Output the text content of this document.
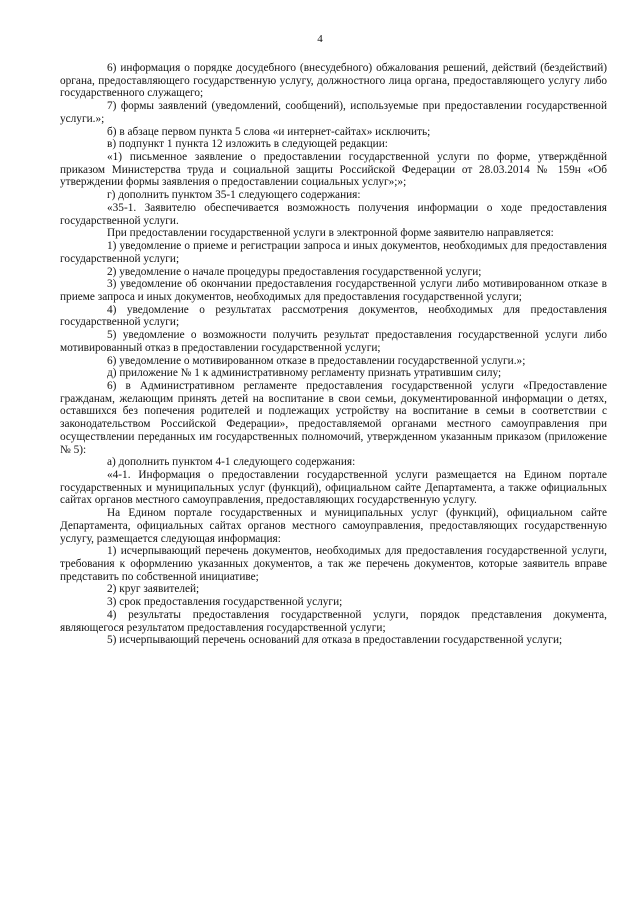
4

6) информация о порядке досудебного (внесудебного) обжалования решений, действий (бездействий) органа, предоставляющего государственную услугу, должностного лица органа, предоставляющего услугу либо государственного служащего;

7) формы заявлений (уведомлений, сообщений), используемые при предоставлении государственной услуги.»;

б) в абзаце первом пункта 5 слова «и интернет-сайтах» исключить;

в) подпункт 1 пункта 12 изложить в следующей редакции:

«1) письменное заявление о предоставлении государственной услуги по форме, утверждённой приказом Министерства труда и социальной защиты Российской Федерации от 28.03.2014 № 159н «Об утверждении формы заявления о предоставлении социальных услуг»;»;

г) дополнить пунктом 35-1 следующего содержания:

«35-1. Заявителю обеспечивается возможность получения информации о ходе предоставления государственной услуги.

При предоставлении государственной услуги в электронной форме заявителю направляется:

1) уведомление о приеме и регистрации запроса и иных документов, необходимых для предоставления государственной услуги;

2) уведомление о начале процедуры предоставления государственной услуги;

3) уведомление об окончании предоставления государственной услуги либо мотивированном отказе в приеме запроса и иных документов, необходимых для предоставления государственной услуги;

4) уведомление о результатах рассмотрения документов, необходимых для предоставления государственной услуги;

5) уведомление о возможности получить результат предоставления государственной услуги либо мотивированный отказ в предоставлении государственной услуги;

6) уведомление о мотивированном отказе в предоставлении государственной услуги.»;

д) приложение № 1 к административному регламенту признать утратившим силу;

6) в Административном регламенте предоставления государственной услуги «Предоставление гражданам, желающим принять детей на воспитание в свои семьи, документированной информации о детях, оставшихся без попечения родителей и подлежащих устройству на воспитание в семьи в соответствии с законодательством Российской Федерации», предоставляемой органами местного самоуправления при осуществлении переданных им государственных полномочий, утвержденном указанным приказом (приложение № 5):

а) дополнить пунктом 4-1 следующего содержания:

«4-1. Информация о предоставлении государственной услуги размещается на Едином портале государственных и муниципальных услуг (функций), официальном сайте Департамента, а также официальных сайтах органов местного самоуправления, предоставляющих государственную услугу.

На Едином портале государственных и муниципальных услуг (функций), официальном сайте Департамента, официальных сайтах органов местного самоуправления, предоставляющих государственную услугу, размещается следующая информация:

1) исчерпывающий перечень документов, необходимых для предоставления государственной услуги, требования к оформлению указанных документов, а так же перечень документов, которые заявитель вправе представить по собственной инициативе;

2) круг заявителей;

3) срок предоставления государственной услуги;

4) результаты предоставления государственной услуги, порядок представления документа, являющегося результатом предоставления государственной услуги;

5) исчерпывающий перечень оснований для отказа в предоставлении государственной услуги;
